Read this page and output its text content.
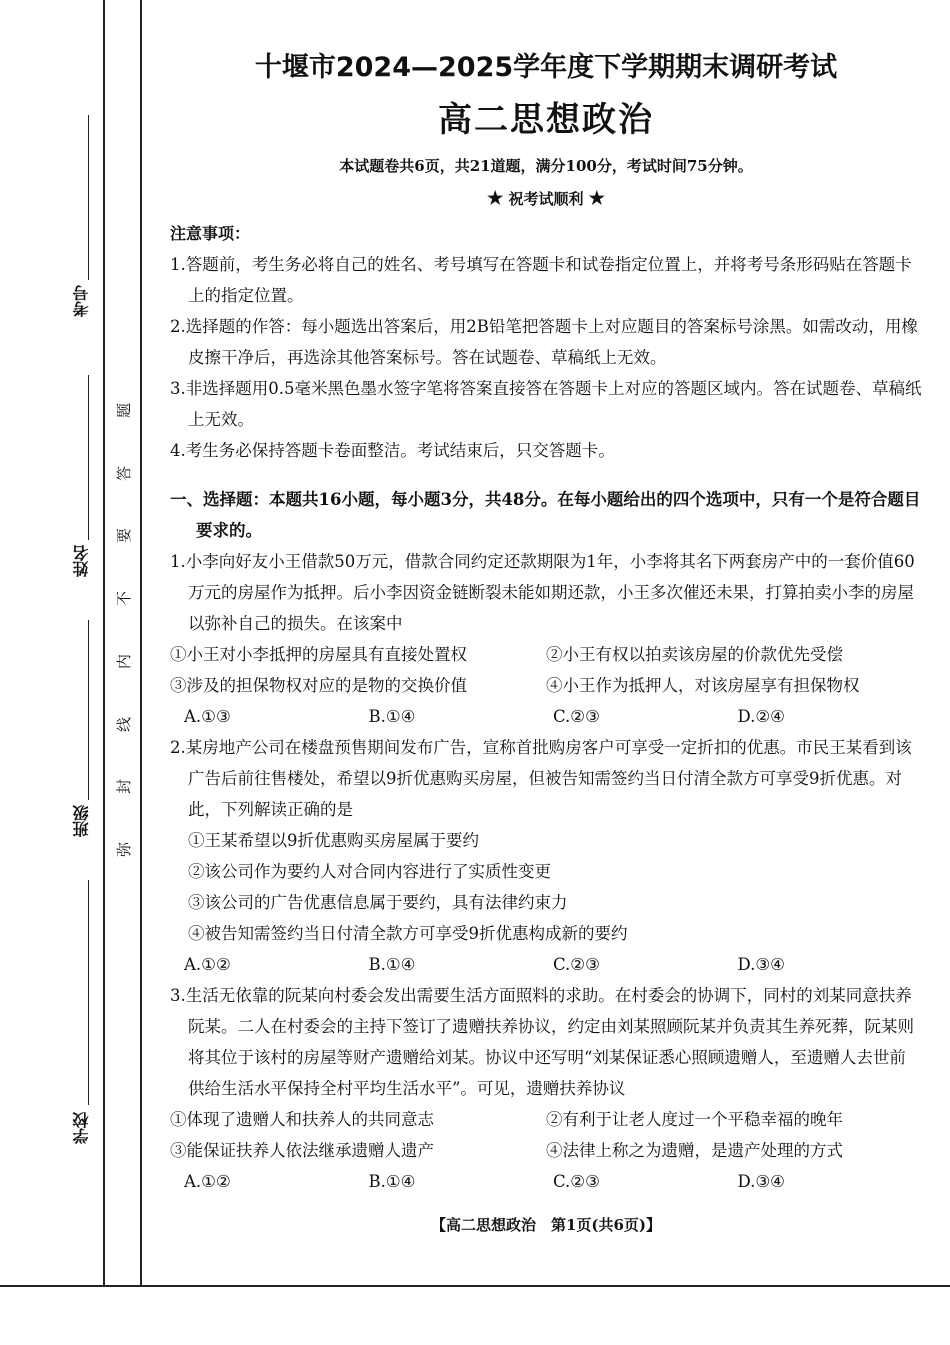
考号
姓名
班级
学校
题
答
要
不
内
线
封
弥
十堰市2024—2025学年度下学期期末调研考试
高二思想政治
本试题卷共6页，共21道题，满分100分，考试时间75分钟。
★ 祝考试顺利 ★
注意事项：

1.答题前，考生务必将自己的姓名、考号填写在答题卡和试卷指定位置上，并将考号条形码贴在答题卡上的指定位置。

2.选择题的作答：每小题选出答案后，用2B铅笔把答题卡上对应题目的答案标号涂黑。如需改动，用橡皮擦干净后，再选涂其他答案标号。答在试题卷、草稿纸上无效。

3.非选择题用0.5毫米黑色墨水签字笔将答案直接答在答题卡上对应的答题区域内。答在试题卷、草稿纸上无效。

4.考生务必保持答题卡卷面整洁。考试结束后，只交答题卡。

一、选择题：本题共16小题，每小题3分，共48分。在每小题给出的四个选项中，只有一个是符合题目要求的。

1.小李向好友小王借款50万元，借款合同约定还款期限为1年，小李将其名下两套房产中的一套价值60万元的房屋作为抵押。后小李因资金链断裂未能如期还款，小王多次催还未果，打算拍卖小李的房屋以弥补自己的损失。在该案中

①小王对小李抵押的房屋具有直接处置权	②小王有权以拍卖该房屋的价款优先受偿
③涉及的担保物权对应的是物的交换价值	④小王作为抵押人，对该房屋享有担保物权
A.①③	B.①④	C.②③	D.②④

2.某房地产公司在楼盘预售期间发布广告，宣称首批购房客户可享受一定折扣的优惠。市民王某看到该广告后前往售楼处，希望以9折优惠购买房屋，但被告知需签约当日付清全款方可享受9折优惠。对此，下列解读正确的是

①王某希望以9折优惠购买房屋属于要约

②该公司作为要约人对合同内容进行了实质性变更

③该公司的广告优惠信息属于要约，具有法律约束力

④被告知需签约当日付清全款方可享受9折优惠构成新的要约

A.①②	B.①④	C.②③	D.③④

3.生活无依靠的阮某向村委会发出需要生活方面照料的求助。在村委会的协调下，同村的刘某同意扶养阮某。二人在村委会的主持下签订了遗赠扶养协议，约定由刘某照顾阮某并负责其生养死葬，阮某则将其位于该村的房屋等财产遗赠给刘某。协议中还写明“刘某保证悉心照顾遗赠人，至遗赠人去世前供给生活水平保持全村平均生活水平”。可见，遗赠扶养协议

①体现了遗赠人和扶养人的共同意志	②有利于让老人度过一个平稳幸福的晚年
③能保证扶养人依法继承遗赠人遗产	④法律上称之为遗赠，是遗产处理的方式
A.①②	B.①④	C.②③	D.③④
【高二思想政治　第1页(共6页)】
